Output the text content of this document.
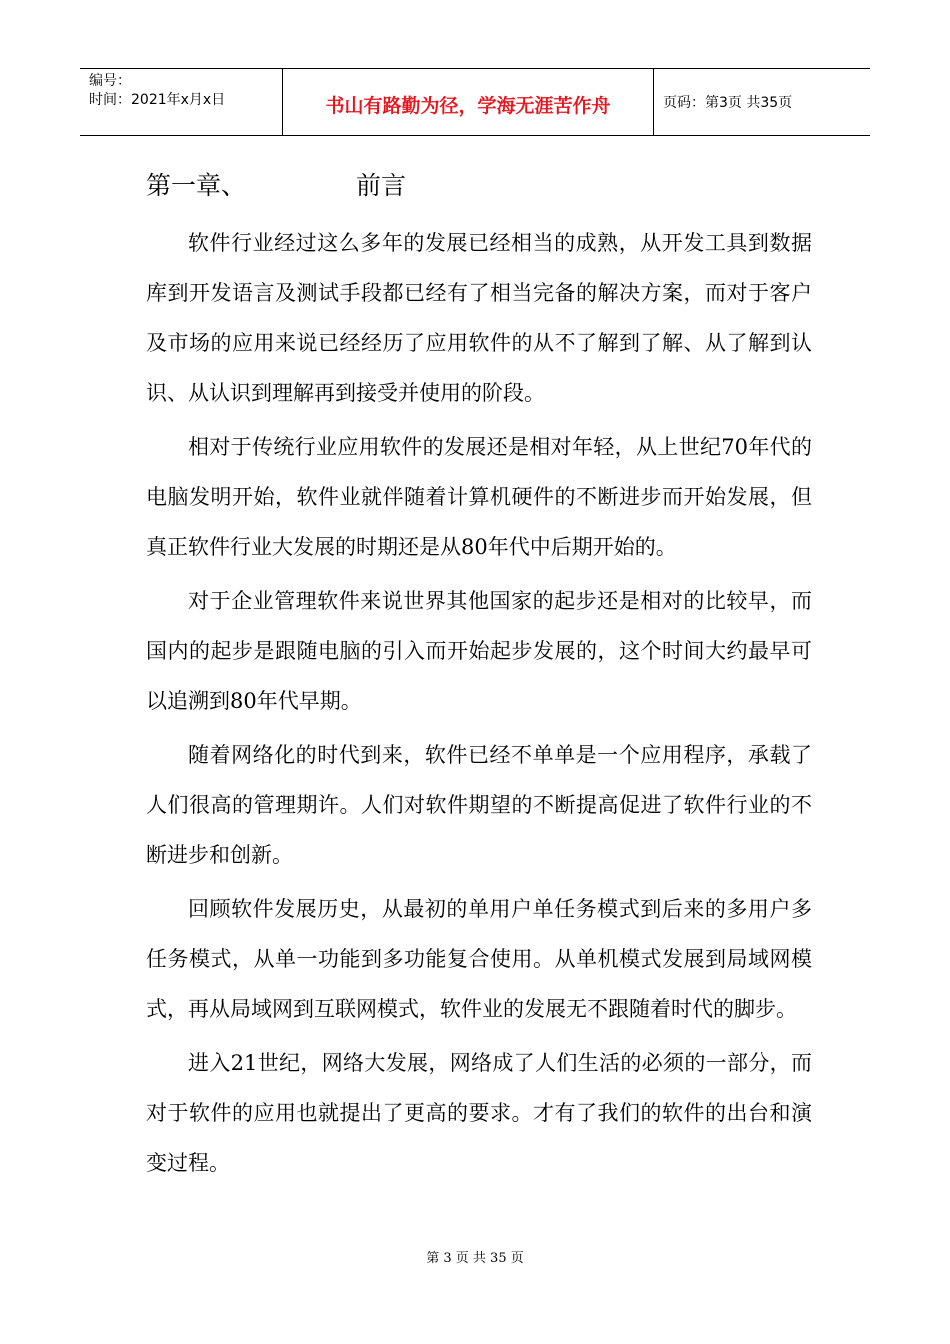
编号：
时间：2021年x月x日	书山有路勤为径，学海无涯苦作舟	页码：第3页 共35页
第一章、	前言

软件行业经过这么多年的发展已经相当的成熟，从开发工具到数据库到开发语言及测试手段都已经有了相当完备的解决方案，而对于客户及市场的应用来说已经经历了应用软件的从不了解到了解、从了解到认识、从认识到理解再到接受并使用的阶段。

相对于传统行业应用软件的发展还是相对年轻，从上世纪70年代的电脑发明开始，软件业就伴随着计算机硬件的不断进步而开始发展，但真正软件行业大发展的时期还是从80年代中后期开始的。

对于企业管理软件来说世界其他国家的起步还是相对的比较早，而国内的起步是跟随电脑的引入而开始起步发展的，这个时间大约最早可以追溯到80年代早期。

随着网络化的时代到来，软件已经不单单是一个应用程序，承载了人们很高的管理期许。人们对软件期望的不断提高促进了软件行业的不断进步和创新。

回顾软件发展历史，从最初的单用户单任务模式到后来的多用户多任务模式，从单一功能到多功能复合使用。从单机模式发展到局域网模式，再从局域网到互联网模式，软件业的发展无不跟随着时代的脚步。

进入21世纪，网络大发展，网络成了人们生活的必须的一部分，而对于软件的应用也就提出了更高的要求。才有了我们的软件的出台和演变过程。

第 3 页 共 35 页
